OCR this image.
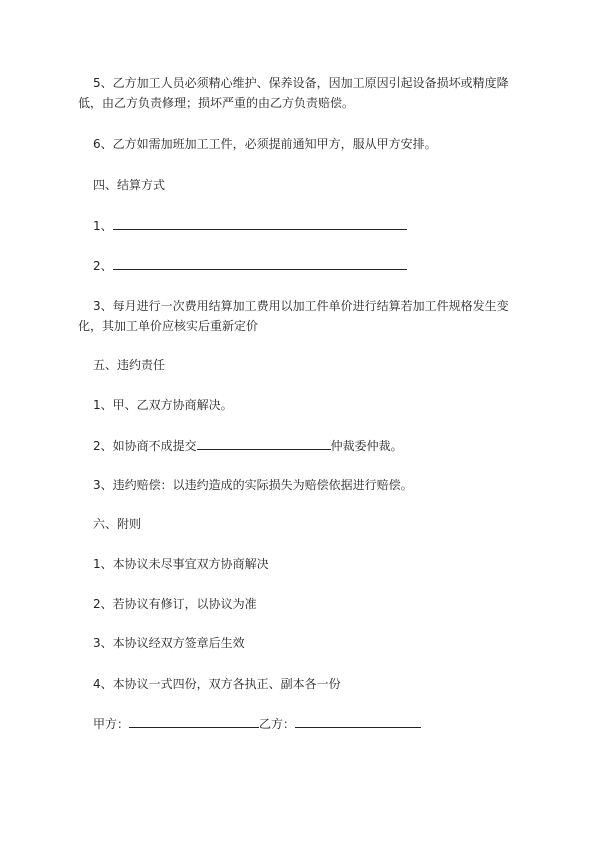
5、乙方加工人员必须精心维护、保养设备，因加工原因引起设备损坏或精度降
低，由乙方负责修理；损坏严重的由乙方负责赔偿。
6、乙方如需加班加工工件，必须提前通知甲方，服从甲方安排。
四、结算方式
1、
2、
3、每月进行一次费用结算加工费用以加工件单价进行结算若加工件规格发生变
化，其加工单价应核实后重新定价
五、违约责任
1、甲、乙双方协商解决。
2、如协商不成提交	仲裁委仲裁。
3、违约赔偿：以违约造成的实际损失为赔偿依据进行赔偿。
六、附则
1、本协议未尽事宜双方协商解决
2、若协议有修订，以协议为准
3、本协议经双方签章后生效
4、本协议一式四份，双方各执正、副本各一份
甲方：	乙方：
